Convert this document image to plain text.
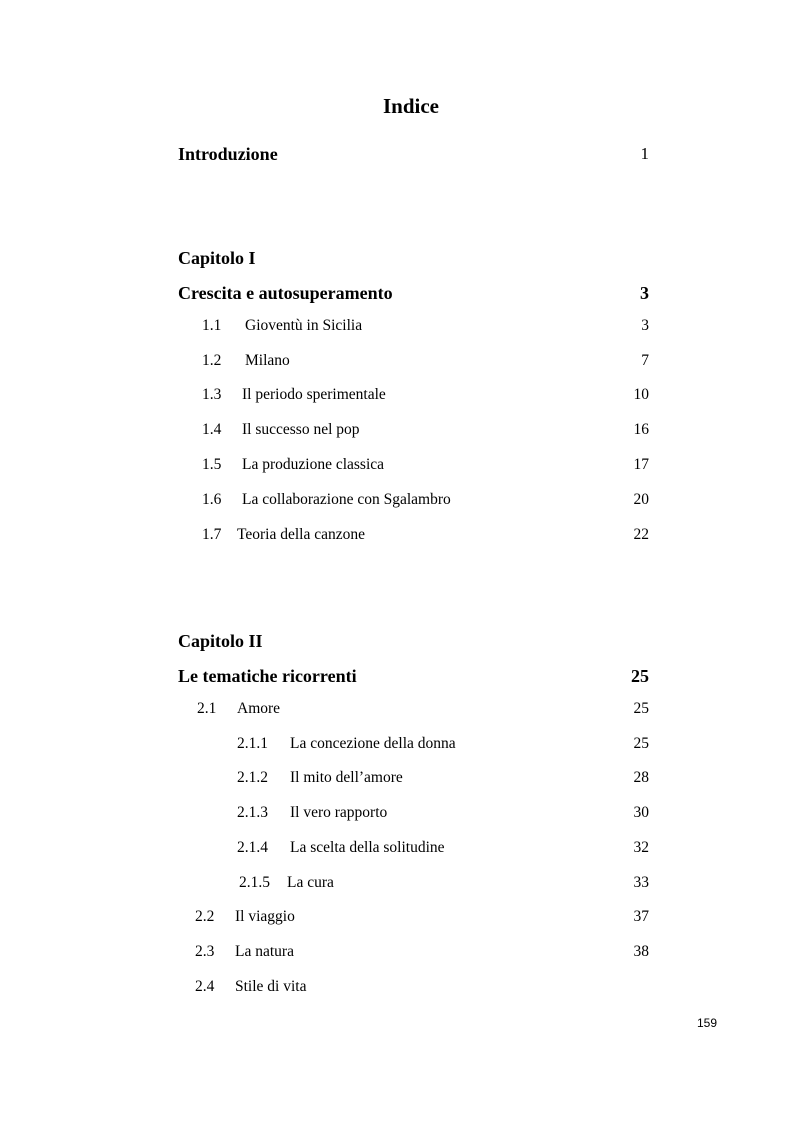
Indice
Introduzione	1
Capitolo I
Crescita e autosuperamento	3
1.1 Gioventù in Sicilia	3
1.2 Milano	7
1.3 Il periodo sperimentale	10
1.4 Il successo nel pop	16
1.5 La produzione classica	17
1.6 La collaborazione con Sgalambro	20
1.7 Teoria della canzone	22
Capitolo II
Le tematiche ricorrenti	25
2.1 Amore	25
2.1.1 La concezione della donna	25
2.1.2 Il mito dell’amore	28
2.1.3 Il vero rapporto	30
2.1.4 La scelta della solitudine	32
2.1.5 La cura	33
2.2 Il viaggio	37
2.3 La natura	38
2.4 Stile di vita
159
